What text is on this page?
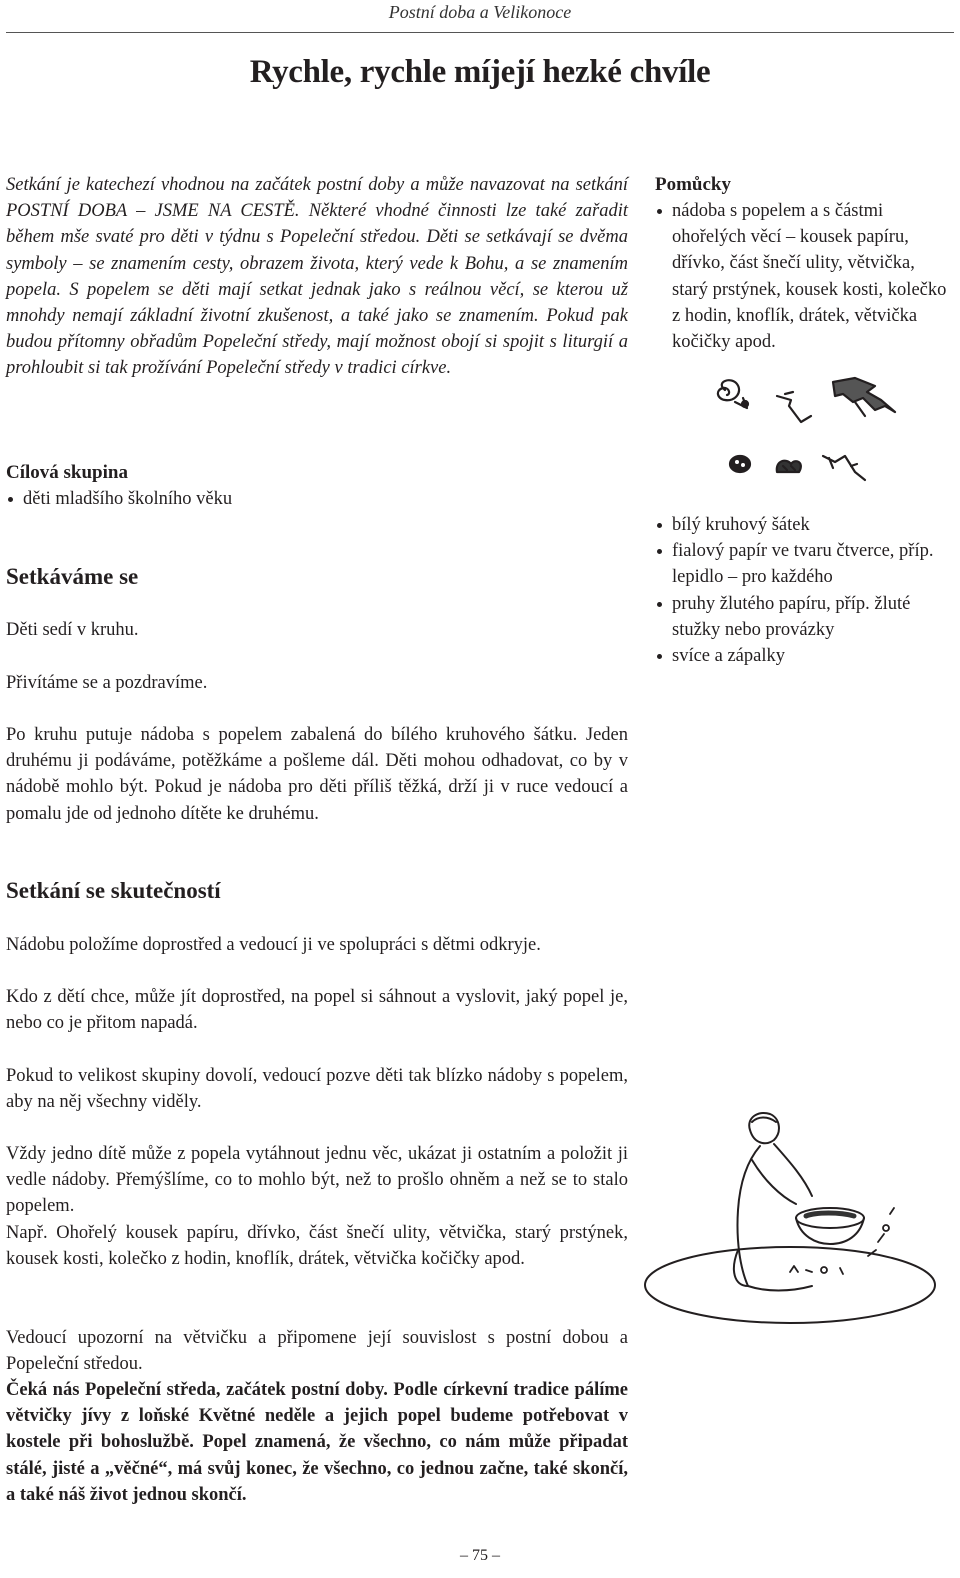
Postní doba a Velikonoce
Rychle, rychle míjejí hezké chvíle

Setkání je katechezí vhodnou na začátek postní doby a může navazovat na setkání POSTNÍ DOBA – JSME NA CESTĚ. Některé vhodné činnosti lze také zařadit během mše svaté pro děti v týdnu s Popeleční středou. Děti se setkávají se dvěma symboly – se znamením cesty, obrazem života, který vede k Bohu, a se znamením popela. S popelem se děti mají setkat jednak jako s reálnou věcí, se kterou už mnohdy nemají základní životní zkušenost, a také jako se znamením. Pokud pak budou přítomny obřadům Popeleční středy, mají možnost obojí si spojit s liturgií a prohloubit si tak prožívání Popeleční středy v tradici církve.

Pomůcky

nádoba s popelem a s částmi ohořelých věcí – kousek papíru, dřívko, část šnečí ulity, větvička, starý prstýnek, kousek kosti, kolečko z hodin, knoflík, drátek, větvička kočičky apod.

Cílová skupina

děti mladšího školního věku
bílý kruhový šátek
fialový papír ve tvaru čtverce, příp. lepidlo – pro každého
pruhy žlutého papíru, příp. žluté stužky nebo provázky
svíce a zápalky

Setkáváme se

Děti sedí v kruhu.

Přivítáme se a pozdravíme.

Po kruhu putuje nádoba s popelem zabalená do bílého kruhového šátku. Jeden druhému ji podáváme, potěžkáme a pošleme dál. Děti mohou odhadovat, co by v nádobě mohlo být. Pokud je nádoba pro děti příliš těžká, drží ji v ruce vedoucí a pomalu jde od jednoho dítěte ke druhému.

Setkání se skutečností

Nádobu položíme doprostřed a vedoucí ji ve spolupráci s dětmi odkryje.

Kdo z dětí chce, může jít doprostřed, na popel si sáhnout a vyslovit, jaký popel je, nebo co je přitom napadá.

Pokud to velikost skupiny dovolí, vedoucí pozve děti tak blízko nádoby s popelem, aby na něj všechny viděly.

Vždy jedno dítě může z popela vytáhnout jednu věc, ukázat ji ostatním a položit ji vedle nádoby. Přemýšlíme, co to mohlo být, než to prošlo ohněm a než se to stalo popelem.

Např. Ohořelý kousek papíru, dřívko, část šnečí ulity, větvička, starý prstýnek, kousek kosti, kolečko z hodin, knoflík, drátek, větvička kočičky apod.

Vedoucí upozorní na větvičku a připomene její souvislost s postní dobou a Popeleční středou.

Čeká nás Popeleční středa, začátek postní doby. Podle církevní tradice pálíme větvičky jívy z loňské Květné neděle a jejich popel budeme potřebovat v kostele při bohoslužbě. Popel znamená, že všechno, co nám může připadat stálé, jisté a „věčné“, má svůj konec, že všechno, co jednou začne, také skončí, a také náš život jednou skončí.

– 75 –
